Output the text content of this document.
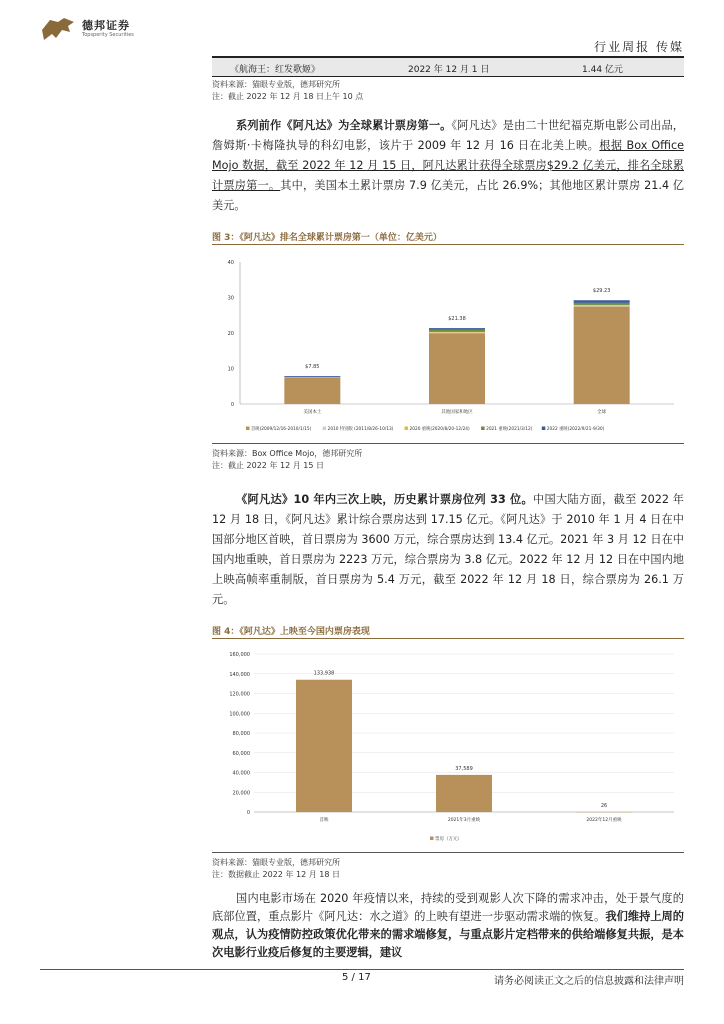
德邦证券
Topsperity Securities
行业周报 传媒
《航海王：红发歌姬》	2022 年 12 月 1 日	1.44 亿元
资料来源：猫眼专业版，德邦研究所
注：截止 2022 年 12 月 18 日上午 10 点
系列前作《阿凡达》为全球累计票房第一。《阿凡达》是由二十世纪福克斯电影公司出品，詹姆斯·卡梅隆执导的科幻电影，该片于 2009 年 12 月 16 日在北美上映。根据 Box Office Mojo 数据，截至 2022 年 12 月 15 日，阿凡达累计获得全球票房$29.2 亿美元，排名全球累计票房第一。其中，美国本土累计票房 7.9 亿美元，占比 26.9%；其他地区累计票房 21.4 亿美元。
图 3：《阿凡达》排名全球累计票房第一（单位：亿美元）
0
10
20
30
40
$7.85
美国本土
$21.38
其他国家和地区
$29.23
全球
首映(2009/12/16-2010/1/15)	2010 特别版 (2011/8/26-10/13)	2020 重映(2020/8/20-12/24)	2021 重映(2021/3/12)	2022 重映(2022/9/21-9/30)
资料来源：Box Office Mojo，德邦研究所
注：截止 2022 年 12 月 15 日
《阿凡达》10 年内三次上映，历史累计票房位列 33 位。中国大陆方面，截至 2022 年 12 月 18 日，《阿凡达》累计综合票房达到 17.15 亿元。《阿凡达》于 2010 年 1 月 4 日在中国部分地区首映，首日票房为 3600 万元，综合票房达到 13.4 亿元。2021 年 3 月 12 日在中国内地重映，首日票房为 2223 万元，综合票房为 3.8 亿元。2022 年 12 月 12 日在中国内地上映高帧率重制版，首日票房为 5.4 万元，截至 2022 年 12 月 18 日，综合票房为 26.1 万元。
图 4：《阿凡达》上映至今国内票房表现
0
20,000
40,000
60,000
80,000
100,000
120,000
140,000
160,000
133,938
首映
37,589
2021年3月重映
26
2022年12月重映
票房（万元）
资料来源：猫眼专业版，德邦研究所
注：数据截止 2022 年 12 月 18 日
国内电影市场在 2020 年疫情以来，持续的受到观影人次下降的需求冲击，处于景气度的底部位置，重点影片《阿凡达：水之道》的上映有望进一步驱动需求端的恢复。我们维持上周的观点，认为疫情防控政策优化带来的需求端修复，与重点影片定档带来的供给端修复共振，是本次电影行业疫后修复的主要逻辑，建议
5 / 17	请务必阅读正文之后的信息披露和法律声明
